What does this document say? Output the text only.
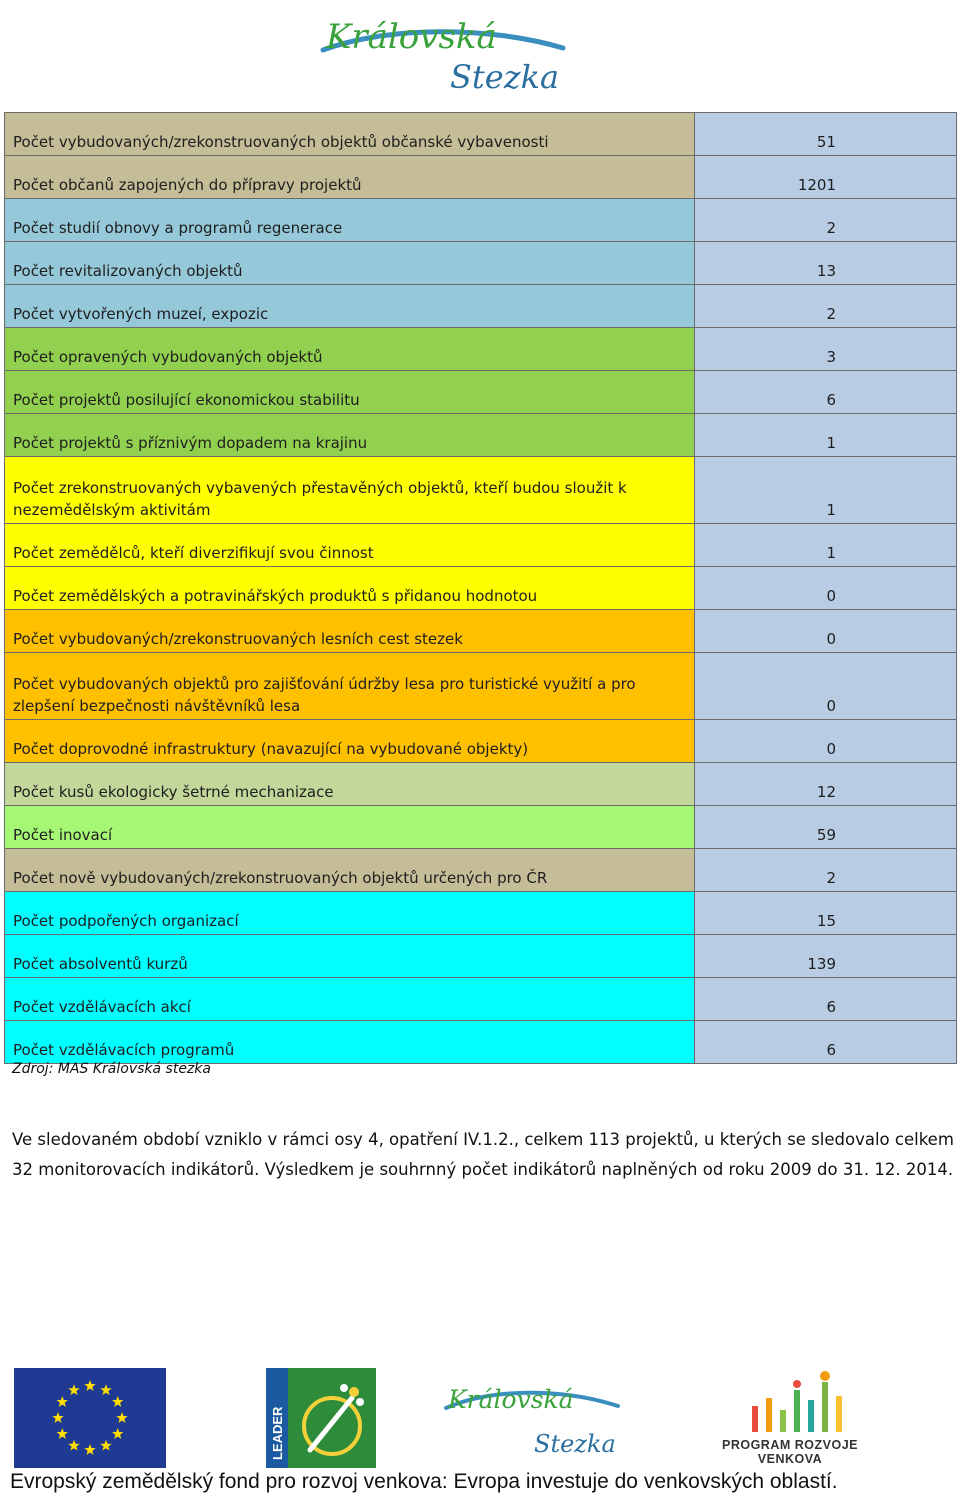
Královská
Stezka
Počet vybudovaných/zrekonstruovaných objektů občanské vybavenosti	51
Počet občanů zapojených do přípravy projektů	1201
Počet studií obnovy a programů regenerace	2
Počet revitalizovaných objektů	13
Počet vytvořených muzeí, expozic	2
Počet opravených vybudovaných objektů	3
Počet projektů posilující ekonomickou stabilitu	6
Počet projektů s příznivým dopadem na krajinu	1
Počet zrekonstruovaných vybavených přestavěných objektů, kteří budou sloužit k nezemědělským aktivitám	1
Počet zemědělců, kteří diverzifikují svou činnost	1
Počet zemědělských a potravinářských produktů s přidanou hodnotou	0
Počet vybudovaných/zrekonstruovaných lesních cest stezek	0
Počet vybudovaných objektů pro zajišťování údržby lesa pro turistické využití a pro zlepšení bezpečnosti návštěvníků lesa	0
Počet doprovodné infrastruktury (navazující na vybudované objekty)	0
Počet kusů ekologicky šetrné mechanizace	12
Počet inovací	59
Počet nově vybudovaných/zrekonstruovaných objektů určených pro ČR	2
Počet podpořených organizací	15
Počet absolventů kurzů	139
Počet vzdělávacích akcí	6
Počet vzdělávacích programů	6
Zdroj: MAS Královská stezka
Ve sledovaném období vzniklo v rámci osy 4, opatření IV.1.2., celkem 113 projektů, u kterých se sledovalo celkem 32 monitorovacích indikátorů. Výsledkem je souhrnný počet indikátorů naplněných od roku 2009 do 31. 12. 2014.
LEADER
Královská
Stezka	PROGRAM ROZVOJE VENKOVA
Evropský zemědělský fond pro rozvoj venkova: Evropa investuje do venkovských oblastí.
